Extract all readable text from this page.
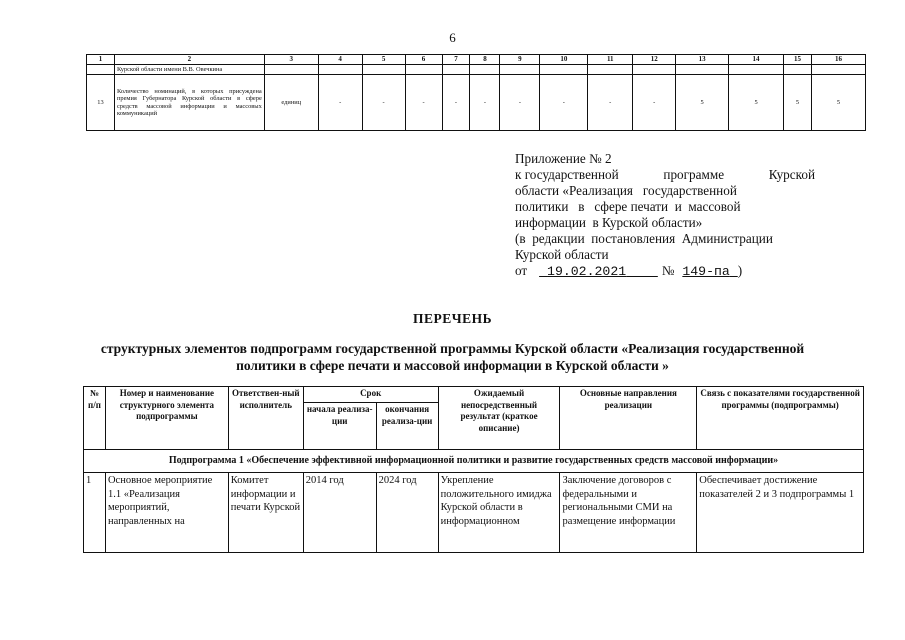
6
1	2	3	4	5	6	7	8	9	10	11	12	13	14	15	16
	Курской области имени В.В. Овечкина														
13	Количество номинаций, в которых присуждена премия Губернатора Курской области в сфере средств массовой информации и массовых коммуникаций	единиц	-	-	-	-	-	-	-	-	-	5	5	5	5
Приложение № 2
к государственной	программе	Курской
области «Реализация   государственной
политики   в   сфере печати  и  массовой
информации  в Курской области»
(в  редакции  постановления  Администрации
Курской области
от 19.02.2021	№ 149-па )
ПЕРЕЧЕНЬ
структурных элементов подпрограмм государственной программы Курской области «Реализация государственной политики в сфере печати и массовой информации в Курской области »
№ п/п	Номер и наименование структурного элемента подпрограммы	Ответствен-ный исполнитель	Срок		Ожидаемый непосредственный результат (краткое описание)	Основные направления реализации	Связь с показателями государственной программы (подпрограммы)
			начала реализа-ции	окончания реализа-ции			
Подпрограмма 1 «Обеспечение эффективной информационной политики и развитие государственных средств массовой информации»							
1	Основное мероприятие 1.1 «Реализация мероприятий, направленных на	Комитет информации и печати Курской	2014 год	2024 год	Укрепление положительного имиджа Курской области в информационном	Заключение договоров с федеральными и региональными СМИ на размещение информации	Обеспечивает достижение показателей 2 и 3 подпрограммы 1
